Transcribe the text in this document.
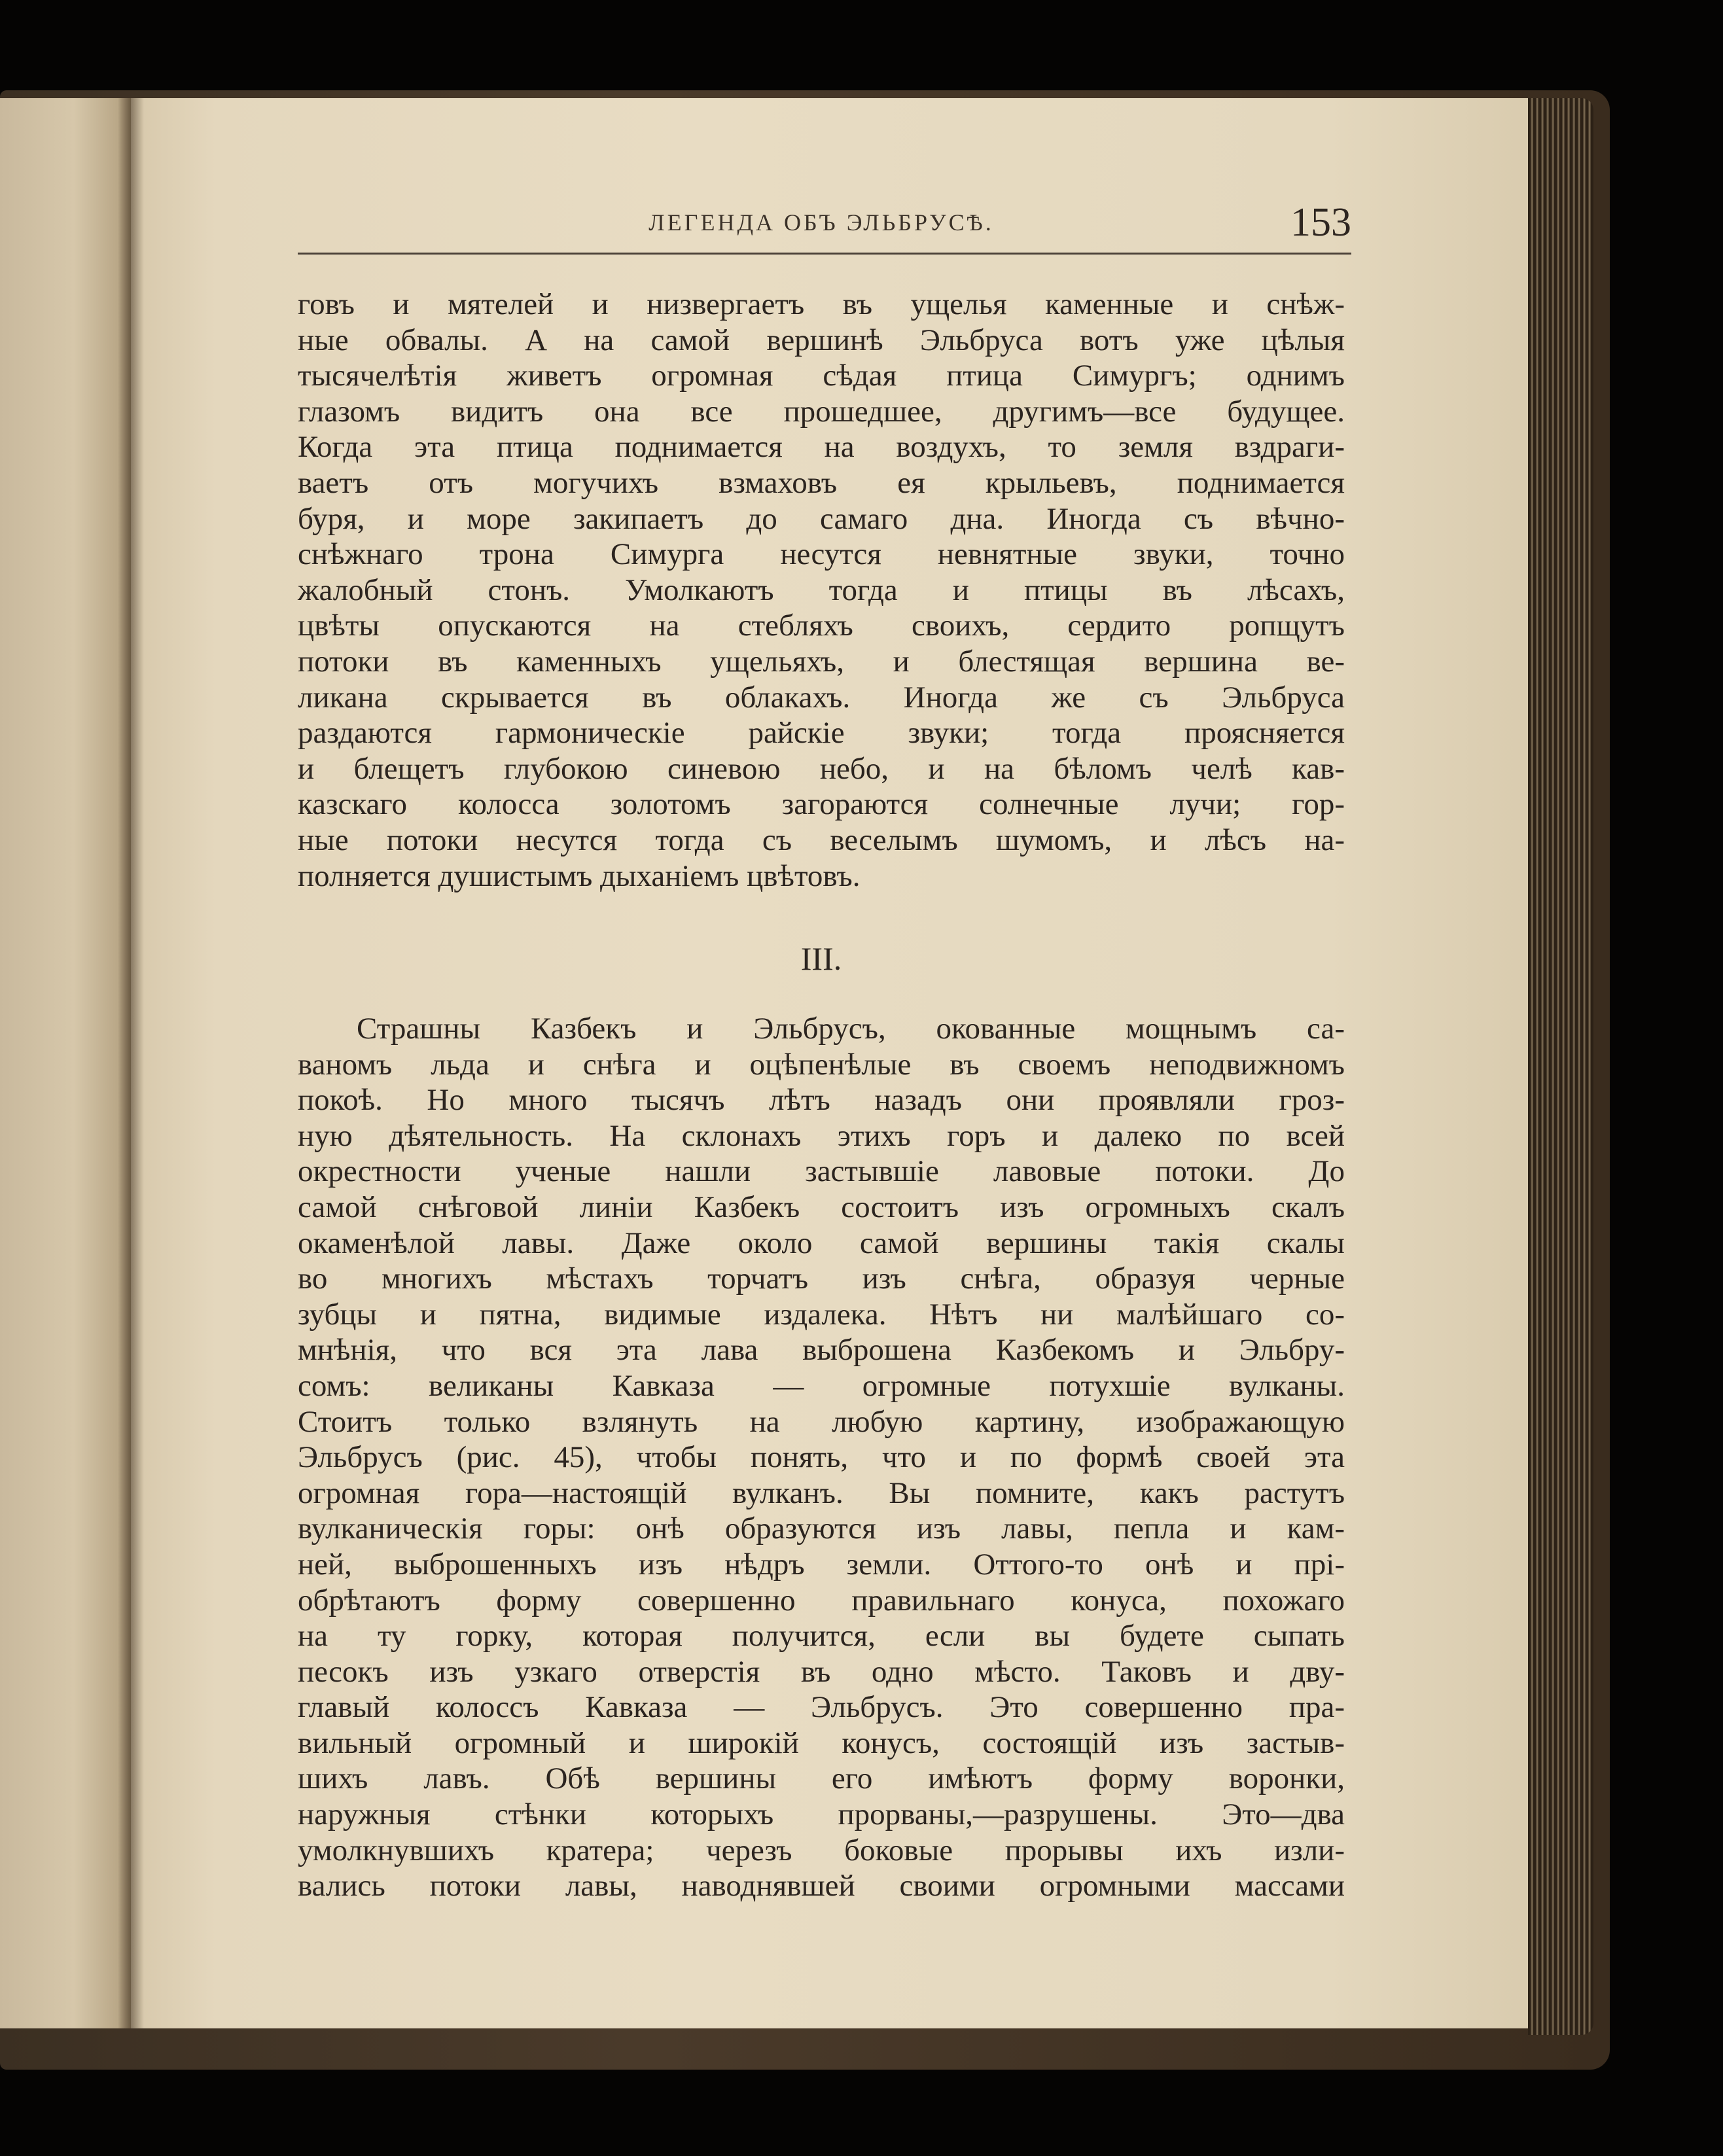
ЛЕГЕНДА ОБЪ ЭЛЬБРУСѢ.	153
говъ и мятелей и низвергаетъ въ ущелья каменные и снѣж-
ные обвалы. А на самой вершинѣ Эльбруса вотъ уже цѣлыя
тысячелѣтія живетъ огромная сѣдая птица Симургъ; однимъ
глазомъ видитъ она все прошедшее, другимъ—все будущее.
Когда эта птица поднимается на воздухъ, то земля вздраги-
ваетъ отъ могучихъ взмаховъ ея крыльевъ, поднимается
буря, и море закипаетъ до самаго дна. Иногда съ вѣчно-
снѣжнаго трона Симурга несутся невнятные звуки, точно
жалобный стонъ. Умолкаютъ тогда и птицы въ лѣсахъ,
цвѣты опускаются на стебляхъ своихъ, сердито ропщутъ
потоки въ каменныхъ ущельяхъ, и блестящая вершина ве-
ликана скрывается въ облакахъ. Иногда же съ Эльбруса
раздаются гармоническіе райскіе звуки; тогда проясняется
и блещетъ глубокою синевою небо, и на бѣломъ челѣ кав-
казскаго колосса золотомъ загораются солнечные лучи; гор-
ные потоки несутся тогда съ веселымъ шумомъ, и лѣсъ на-
полняется душистымъ дыханіемъ цвѣтовъ.
III.
Страшны Казбекъ и Эльбрусъ, окованные мощнымъ са-
ваномъ льда и снѣга и оцѣпенѣлые въ своемъ неподвижномъ
покоѣ. Но много тысячъ лѣтъ назадъ они проявляли гроз-
ную дѣятельность. На склонахъ этихъ горъ и далеко по всей
окрестности ученые нашли застывшіе лавовые потоки. До
самой снѣговой линіи Казбекъ состоитъ изъ огромныхъ скалъ
окаменѣлой лавы. Даже около самой вершины такія скалы
во многихъ мѣстахъ торчатъ изъ снѣга, образуя черные
зубцы и пятна, видимые издалека. Нѣтъ ни малѣйшаго со-
мнѣнія, что вся эта лава выброшена Казбекомъ и Эльбру-
сомъ: великаны Кавказа — огромные потухшіе вулканы.
Стоитъ только взлянуть на любую картину, изображающую
Эльбрусъ (рис. 45), чтобы понять, что и по формѣ своей эта
огромная гора—настоящій вулканъ. Вы помните, какъ растутъ
вулканическія горы: онѣ образуются изъ лавы, пепла и кам-
ней, выброшенныхъ изъ нѣдръ земли. Оттого-то онѣ и прі-
обрѣтаютъ форму совершенно правильнаго конуса, похожаго
на ту горку, которая получится, если вы будете сыпать
песокъ изъ узкаго отверстія въ одно мѣсто. Таковъ и дву-
главый колоссъ Кавказа — Эльбрусъ. Это совершенно пра-
вильный огромный и широкій конусъ, состоящій изъ застыв-
шихъ лавъ. Обѣ вершины его имѣютъ форму воронки,
наружныя стѣнки которыхъ прорваны,—разрушены. Это—два
умолкнувшихъ кратера; черезъ боковые прорывы ихъ изли-
вались потоки лавы, наводнявшей своими огромными массами
